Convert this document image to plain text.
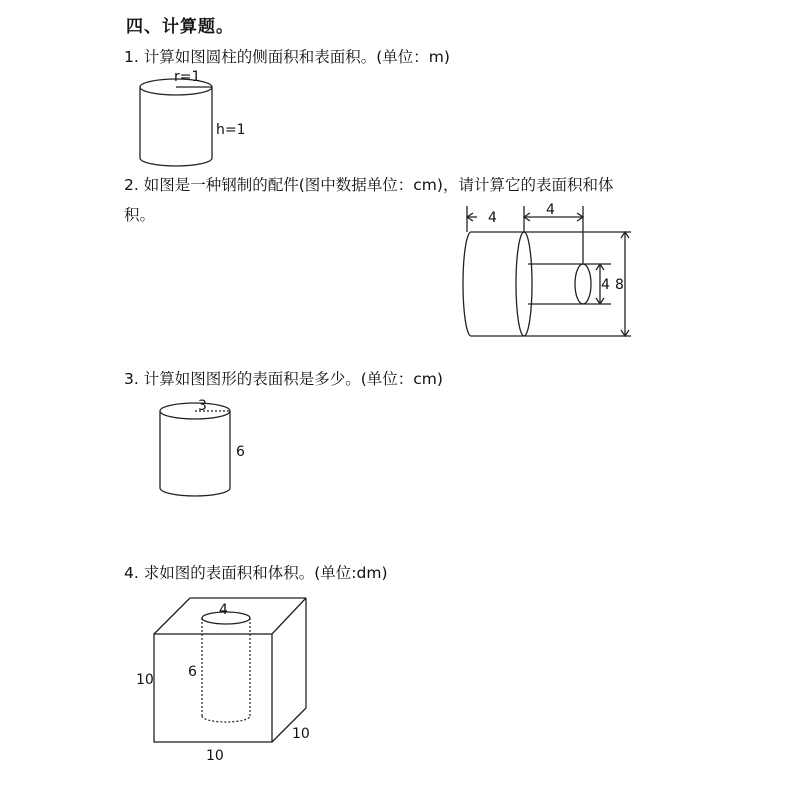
四、计算题。
1. 计算如图圆柱的侧面积和表面积。(单位：m)
r=1
h=1
2. 如图是一种钢制的配件(图中数据单位：cm)，请计算它的表面积和体
积。	4	4
4 8
3. 计算如图图形的表面积是多少。(单位：cm)
3
6
4. 求如图的表面积和体积。(单位:dm)
4
6
10
10
10
